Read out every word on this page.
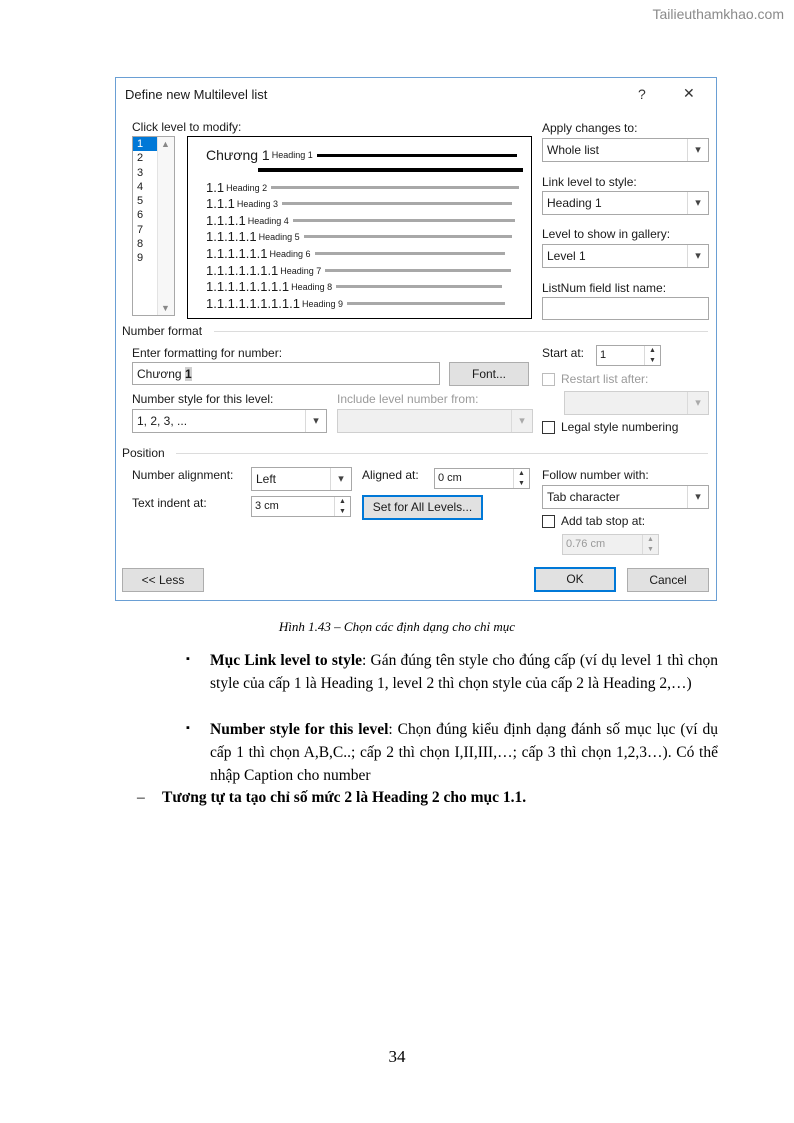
Tailieuthamkhao.com
Define new Multilevel list	?	✕
Click level to modify:
1
2
3
4
5
6
7
8
9
▲
▼
Chương 1 Heading 1
1.1 Heading 2
1.1.1 Heading 3
1.1.1.1 Heading 4
1.1.1.1.1 Heading 5
1.1.1.1.1.1 Heading 6
1.1.1.1.1.1.1 Heading 7
1.1.1.1.1.1.1.1 Heading 8
1.1.1.1.1.1.1.1.1 Heading 9
Apply changes to:
Whole list	▾
Link level to style:
Heading 1	▾
Level to show in gallery:
Level 1	▾
ListNum field list name:
Number format
Enter formatting for number:
Chương 1	Font...
Number style for this level:
1, 2, 3, ...	▾
Include level number from:
▾
Start at: 1	▲
▼
Restart list after:
▾
Legal style numbering
Position
Number alignment: Left	▾	Aligned at: 0 cm	▲
▼
Text indent at:	3 cm	▲
▼	Set for All Levels...
Follow number with:
Tab character	▾
Add tab stop at:
0.76 cm	▲
▼
<< Less	OK	Cancel
Hình 1.43 – Chọn các định dạng cho chỉ mục
▪ Mục Link level to style: Gán đúng tên style cho đúng cấp (ví dụ level 1 thì chọn style của cấp 1 là Heading 1, level 2 thì chọn style của cấp 2 là Heading 2,…)
▪ Number style for this level: Chọn đúng kiểu định dạng đánh số mục lục (ví dụ cấp 1 thì chọn A,B,C..; cấp 2 thì chọn I,II,III,…; cấp 3 thì chọn 1,2,3…). Có thể nhập Caption cho number
– Tương tự ta tạo chỉ số mức 2 là Heading 2 cho mục 1.1.
34
